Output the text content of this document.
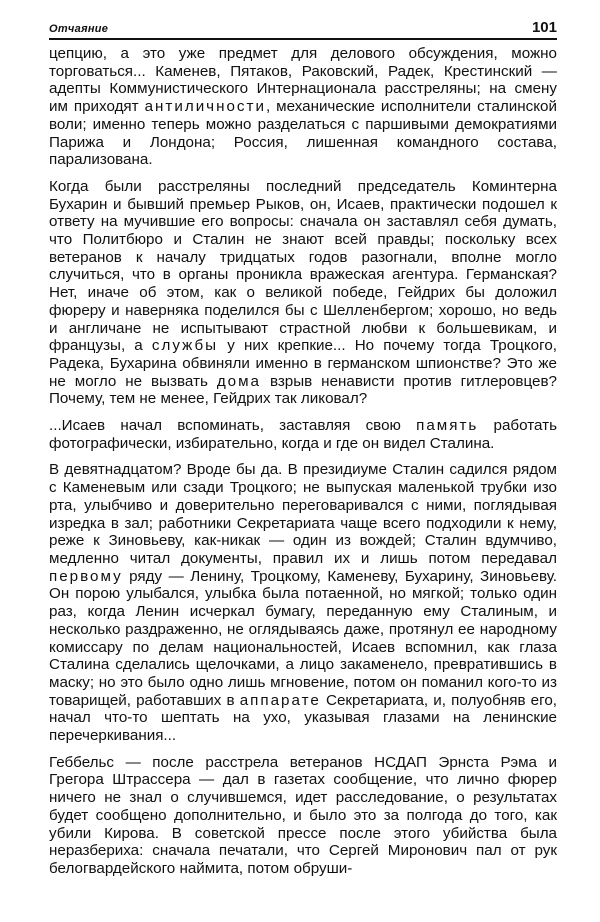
Отчаяние	101

цепцию, а это уже предмет для делового обсуждения, можно торговаться... Каменев, Пятаков, Раковский, Радек, Крестинский — адепты Коммунистического Интернационала расстреляны; на смену им приходят антиличности, механические исполнители сталинской воли; именно теперь можно разделаться с паршивыми демократиями Парижа и Лондона; Россия, лишенная командного состава, парализована.

Когда были расстреляны последний председатель Коминтерна Бухарин и бывший премьер Рыков, он, Исаев, практически подошел к ответу на мучившие его вопросы: сначала он заставлял себя думать, что Политбюро и Сталин не знают всей правды; поскольку всех ветеранов к началу тридцатых годов разогнали, вполне могло случиться, что в органы проникла вражеская агентура. Германская? Нет, иначе об этом, как о великой победе, Гейдрих бы доложил фюреру и наверняка поделился бы с Шелленбергом; хорошо, но ведь и англичане не испытывают страстной любви к большевикам, и французы, а службы у них крепкие... Но почему тогда Троцкого, Радека, Бухарина обвиняли именно в германском шпионстве? Это же не могло не вызвать дома взрыв ненависти против гитлеровцев? Почему, тем не менее, Гейдрих так ликовал?

...Исаев начал вспоминать, заставляя свою память работать фотографически, избирательно, когда и где он видел Сталина.

В девятнадцатом? Вроде бы да. В президиуме Сталин садился рядом с Каменевым или сзади Троцкого; не выпуская маленькой трубки изо рта, улыбчиво и доверительно переговаривался с ними, поглядывая изредка в зал; работники Секретариата чаще всего подходили к нему, реже к Зиновьеву, как-никак — один из вождей; Сталин вдумчиво, медленно читал документы, правил их и лишь потом передавал первому ряду — Ленину, Троцкому, Каменеву, Бухарину, Зиновьеву. Он порою улыбался, улыбка была потаенной, но мягкой; только один раз, когда Ленин исчеркал бумагу, переданную ему Сталиным, и несколько раздраженно, не оглядываясь даже, протянул ее народному комиссару по делам национальностей, Исаев вспомнил, как глаза Сталина сделались щелочками, а лицо закаменело, превратившись в маску; но это было одно лишь мгновение, потом он поманил кого-то из товарищей, работавших в аппарате Секретариата, и, полуобняв его, начал что-то шептать на ухо, указывая глазами на ленинские перечеркивания...

Геббельс — после расстрела ветеранов НСДАП Эрнста Рэма и Грегора Штрассера — дал в газетах сообщение, что лично фюрер ничего не знал о случившемся, идет расследование, о результатах будет сообщено дополнительно, и было это за полгода до того, как убили Кирова. В советской прессе после этого убийства была неразбериха: сначала печатали, что Сергей Миронович пал от рук белогвардейского наймита, потом обруши-
